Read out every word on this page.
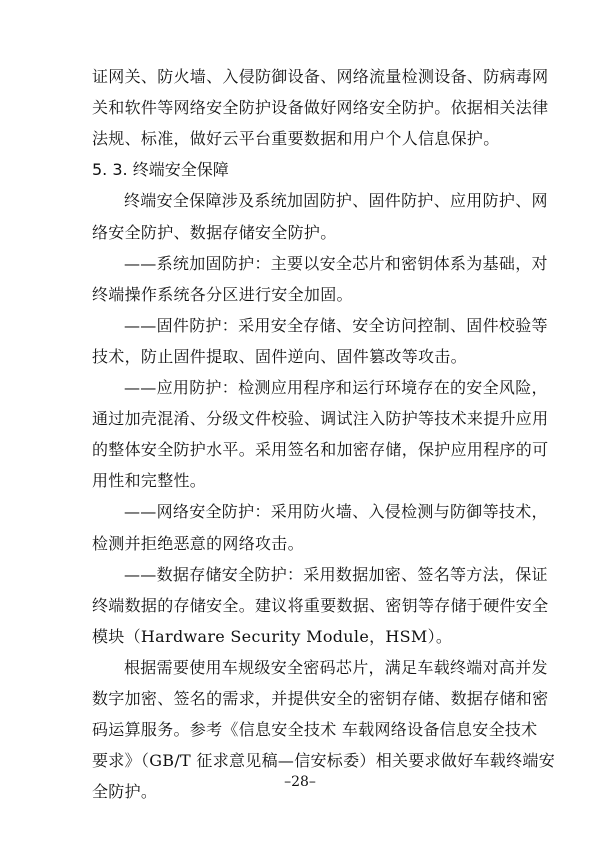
证网关、防火墙、入侵防御设备、网络流量检测设备、防病毒网
关和软件等网络安全防护设备做好网络安全防护。依据相关法律
法规、标准，做好云平台重要数据和用户个人信息保护。
5. 3. 终端安全保障
终端安全保障涉及系统加固防护、固件防护、应用防护、网
络安全防护、数据存储安全防护。
——系统加固防护：主要以安全芯片和密钥体系为基础，对
终端操作系统各分区进行安全加固。
——固件防护：采用安全存储、安全访问控制、固件校验等
技术，防止固件提取、固件逆向、固件篡改等攻击。
——应用防护：检测应用程序和运行环境存在的安全风险，
通过加壳混淆、分级文件校验、调试注入防护等技术来提升应用
的整体安全防护水平。采用签名和加密存储，保护应用程序的可
用性和完整性。
——网络安全防护：采用防火墙、入侵检测与防御等技术，
检测并拒绝恶意的网络攻击。
——数据存储安全防护：采用数据加密、签名等方法，保证
终端数据的存储安全。建议将重要数据、密钥等存储于硬件安全
模块（Hardware Security Module，HSM）。
根据需要使用车规级安全密码芯片，满足车载终端对高并发
数字加密、签名的需求，并提供安全的密钥存储、数据存储和密
码运算服务。参考《信息安全技术 车载网络设备信息安全技术
要求》（GB/T 征求意见稿—信安标委）相关要求做好车载终端安
全防护。	–28–
